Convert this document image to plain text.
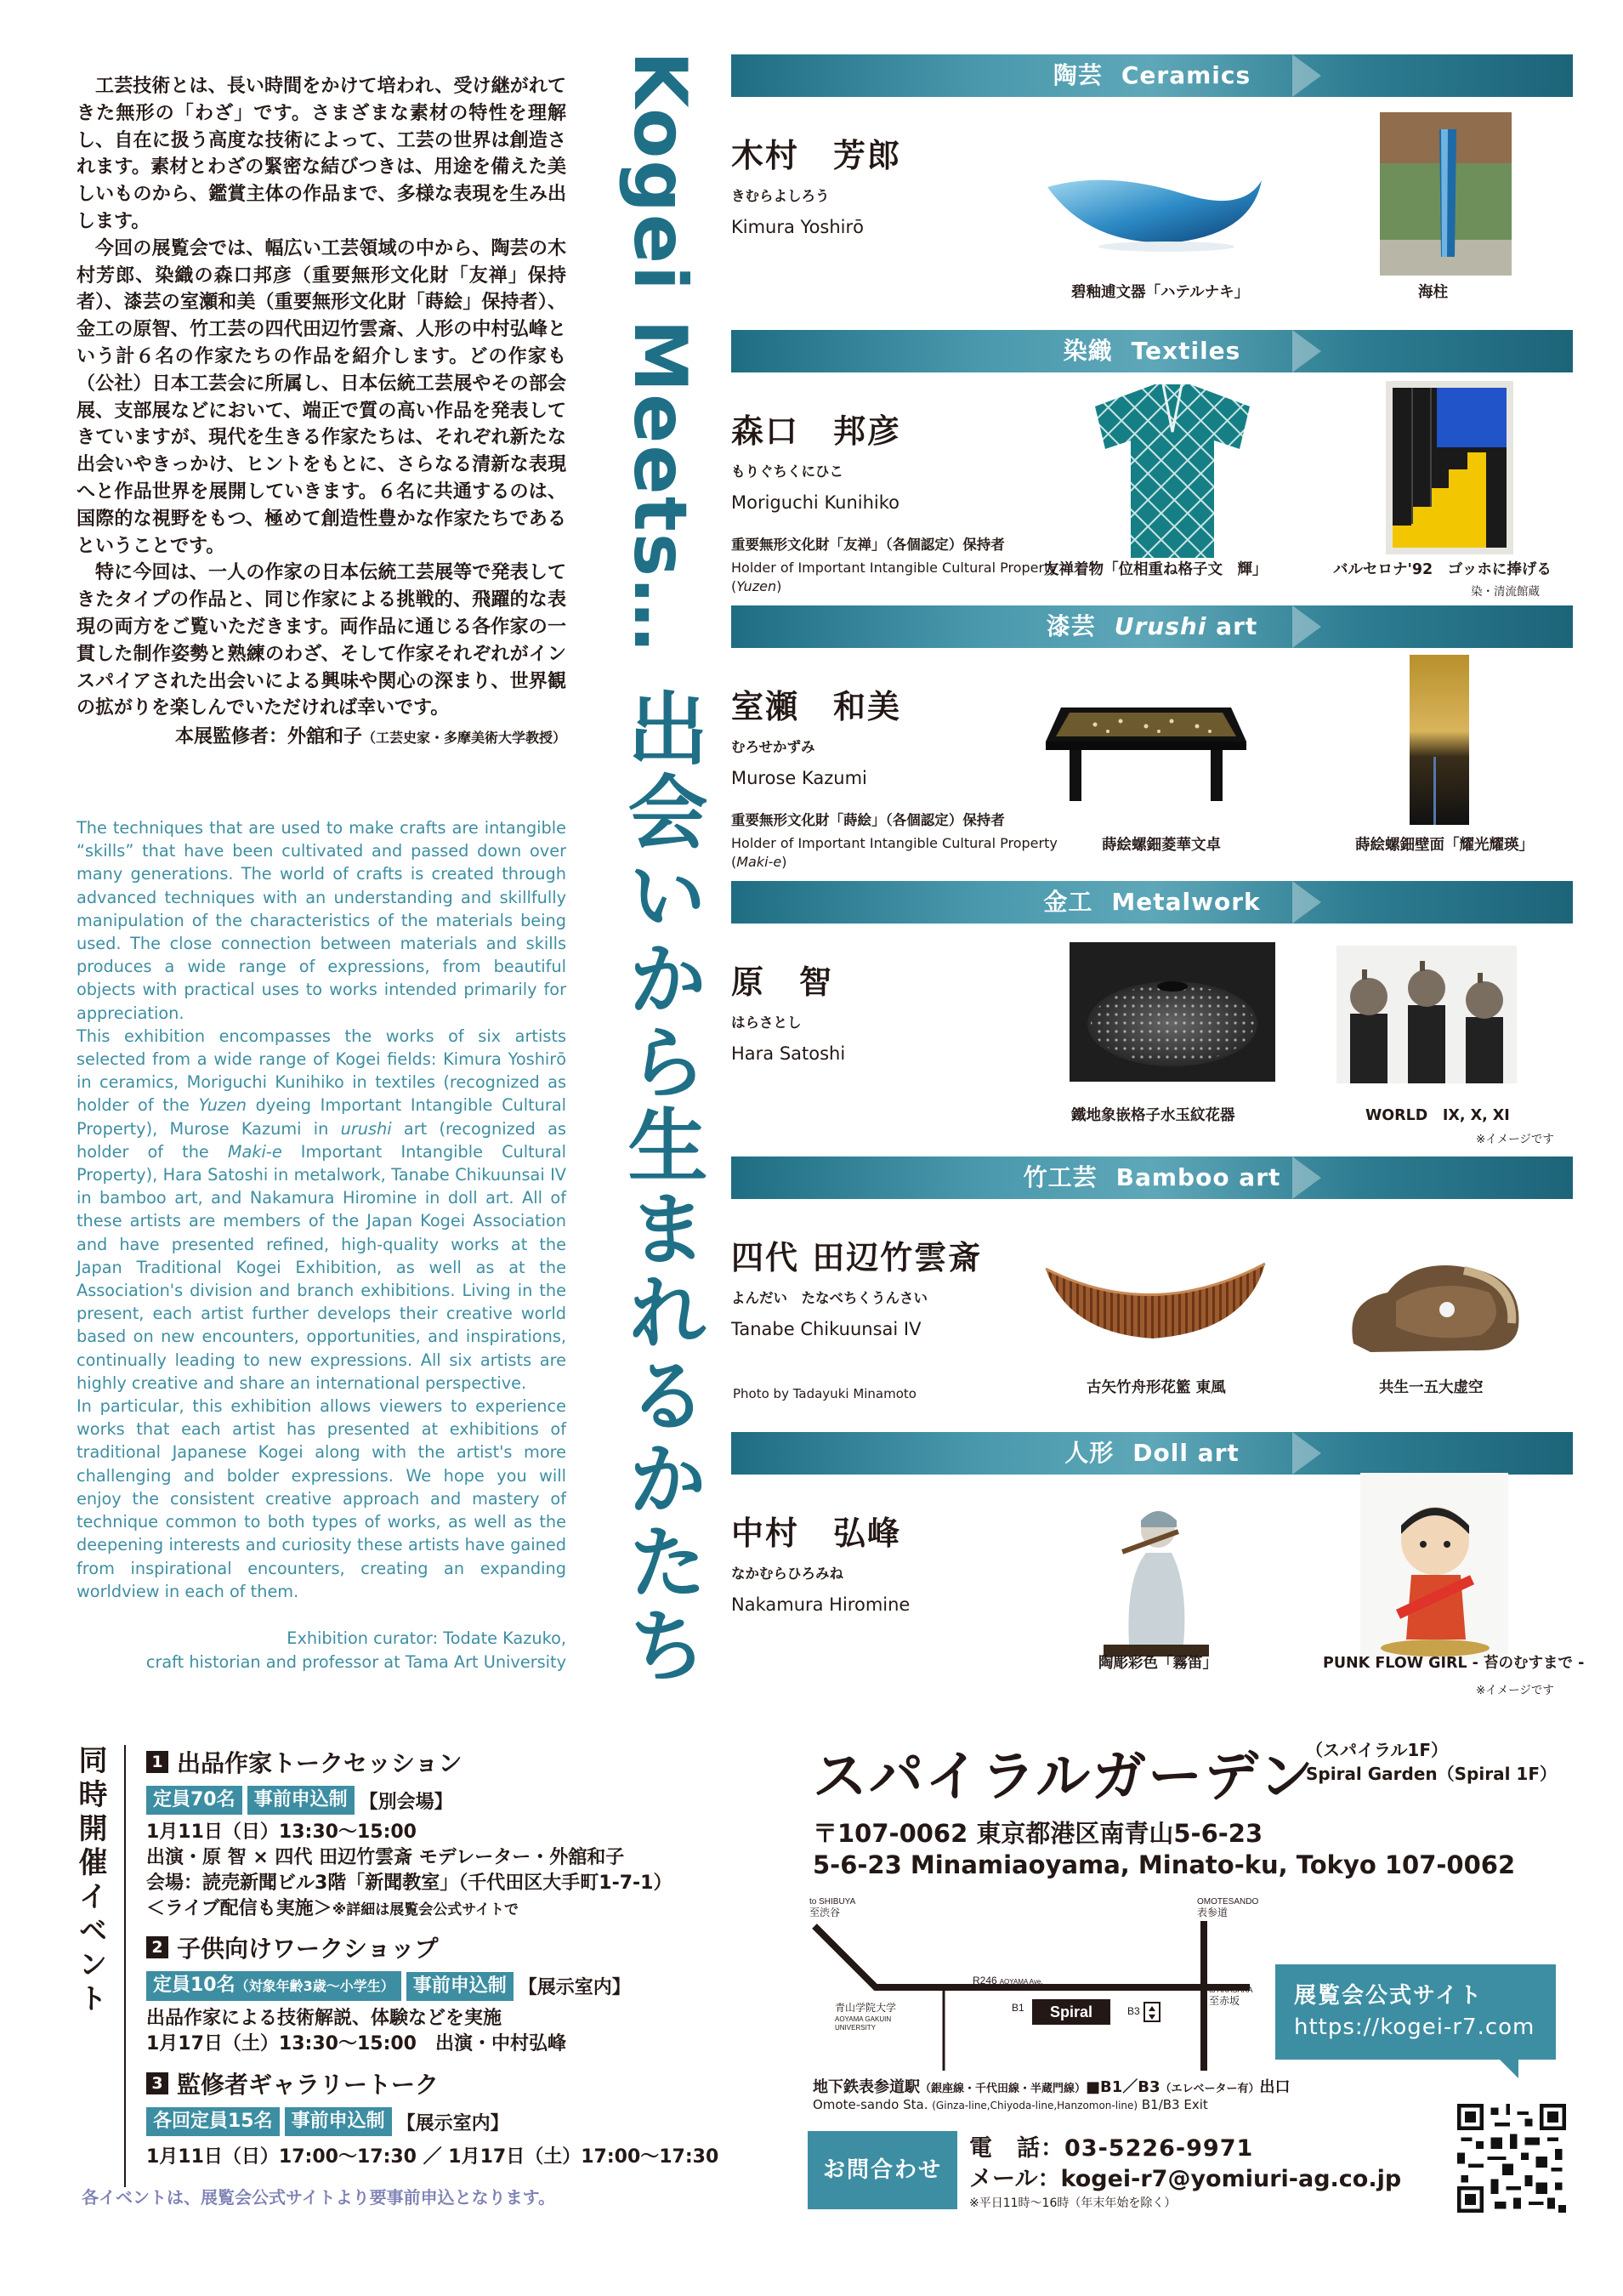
工芸技術とは、長い時間をかけて培われ、受け継がれてきた無形の「わざ」です。さまざまな素材の特性を理解し、自在に扱う高度な技術によって、工芸の世界は創造されます。素材とわざの緊密な結びつきは、用途を備えた美しいものから、鑑賞主体の作品まで、多様な表現を生み出します。

今回の展覧会では、幅広い工芸領域の中から、陶芸の木村芳郎、染織の森口邦彦（重要無形文化財「友禅」保持者）、漆芸の室瀬和美（重要無形文化財「蒔絵」保持者）、金工の原智、竹工芸の四代田辺竹雲斎、人形の中村弘峰という計６名の作家たちの作品を紹介します。どの作家も（公社）日本工芸会に所属し、日本伝統工芸展やその部会展、支部展などにおいて、端正で質の高い作品を発表してきていますが、現代を生きる作家たちは、それぞれ新たな出会いやきっかけ、ヒントをもとに、さらなる清新な表現へと作品世界を展開していきます。６名に共通するのは、国際的な視野をもつ、極めて創造性豊かな作家たちであるということです。

特に今回は、一人の作家の日本伝統工芸展等で発表してきたタイプの作品と、同じ作家による挑戦的、飛躍的な表現の両方をご覧いただきます。両作品に通じる各作家の一貫した制作姿勢と熟練のわざ、そして作家それぞれがインスパイアされた出会いによる興味や関心の深まり、世界観の拡がりを楽しんでいただければ幸いです。

本展監修者：外舘和子（工芸史家・多摩美術大学教授）

The techniques that are used to make crafts are intangible “skills” that have been cultivated and passed down over many generations. The world of crafts is created through advanced techniques with an understanding and skillfully manipulation of the characteristics of the materials being used. The close connection between materials and skills produces a wide range of expressions, from beautiful objects with practical uses to works intended primarily for appreciation.

This exhibition encompasses the works of six artists selected from a wide range of Kogei fields: Kimura Yoshirō in ceramics, Moriguchi Kunihiko in textiles (recognized as holder of the Yuzen dyeing Important Intangible Cultural Property), Murose Kazumi in urushi art (recognized as holder of the Maki-e Important Intangible Cultural Property), Hara Satoshi in metalwork, Tanabe Chikuunsai IV in bamboo art, and Nakamura Hiromine in doll art. All of these artists are members of the Japan Kogei Association and have presented refined, high-quality works at the Japan Traditional Kogei Exhibition, as well as at the Association's division and branch exhibitions. Living in the present, each artist further develops their creative world based on new encounters, opportunities, and inspirations, continually leading to new expressions. All six artists are highly creative and share an international perspective.

In particular, this exhibition allows viewers to experience works that each artist has presented at exhibitions of traditional Japanese Kogei along with the artist's more challenging and bolder expressions. We hope you will enjoy the consistent creative approach and mastery of technique common to both types of works, as well as the deepening interests and curiosity these artists have gained from inspirational encounters, creating an expanding worldview in each of them.

Exhibition curator: Todate Kazuko,
craft historian and professor at Tama Art University

Kogei Meets…出会いから生まれるかたち
陶芸 Ceramics
木村　芳郎
きむらよしろう
Kimura Yoshirō
碧釉逋文器「ハテルナキ」	海柱
染織 Textiles
森口　邦彦
もりぐちくにひこ
Moriguchi Kunihiko
重要無形文化財「友禅」（各個認定）保持者
Holder of Important Intangible Cultural Property
(Yuzen)
友禅着物「位相重ね格子文　輝」	バルセロナ'92　ゴッホに捧げる
染・清流館蔵
漆芸 Urushi art
室瀬　和美
むろせかずみ
Murose Kazumi
重要無形文化財「蒔絵」（各個認定）保持者
Holder of Important Intangible Cultural Property
(Maki-e)
蒔絵螺鈿菱華文卓	蒔絵螺鈿壁面「耀光耀瑛」
金工 Metalwork
原　智
はらさとし
Hara Satoshi
鐵地象嵌格子水玉紋花器	WORLD　IX, X, XI
※イメージです
竹工芸 Bamboo art
四代 田辺竹雲斎
よんだい　たなべちくうんさい
Tanabe Chikuunsai IV
Photo by Tadayuki Minamoto	古矢竹舟形花籃 東風	共生一五大虚空
人形 Doll art
中村　弘峰
なかむらひろみね
Nakamura Hiromine
陶彫彩色「霧笛」	PUNK FLOW GIRL - 苔のむすまで -
※イメージです
同時開催イベント	1 出品作家トークセッション
定員70名	事前申込制 【別会場】
1月11日（日）13:30〜15:00
出演・原 智 × 四代 田辺竹雲斎 モデレーター・外舘和子
会場：読売新聞ビル3階「新聞教室」（千代田区大手町1-7-1）
＜ライブ配信も実施＞※詳細は展覧会公式サイトで
2 子供向けワークショップ
定員10名（対象年齢3歳〜小学生）	事前申込制 【展示室内】
出品作家による技術解説、体験などを実施
1月17日（土）13:30〜15:00　出演・中村弘峰
3 監修者ギャラリートーク
各回定員15名	事前申込制 【展示室内】
1月11日（日）17:00〜17:30 ／ 1月17日（土）17:00〜17:30
各イベントは、展覧会公式サイトより要事前申込となります。
スパイラルガーデン
（スパイラル1F）
Spiral Garden（Spiral 1F）
〒107-0062 東京都港区南青山5-6-23
5-6-23 Minamiaoyama, Minato-ku, Tokyo 107-0062
to SHIBUYA
至渋谷
OMOTESANDO
表参道
R246 AOYAMA Ave.
to AKASAKA
至赤坂
青山学院大学
AOYAMA GAKUIN
UNIVERSITY
B1	B3
Spiral
地下鉄表参道駅（銀座線・千代田線・半蔵門線）■B1／B3（エレベーター有）出口
Omote-sando Sta. (Ginza-line,Chiyoda-line,Hanzomon-line) B1/B3 Exit
展覧会公式サイト
https://kogei-r7.com
お問合わせ
電　話：03-5226-9971
メール：kogei-r7@yomiuri-ag.co.jp
※平日11時〜16時（年末年始を除く）
